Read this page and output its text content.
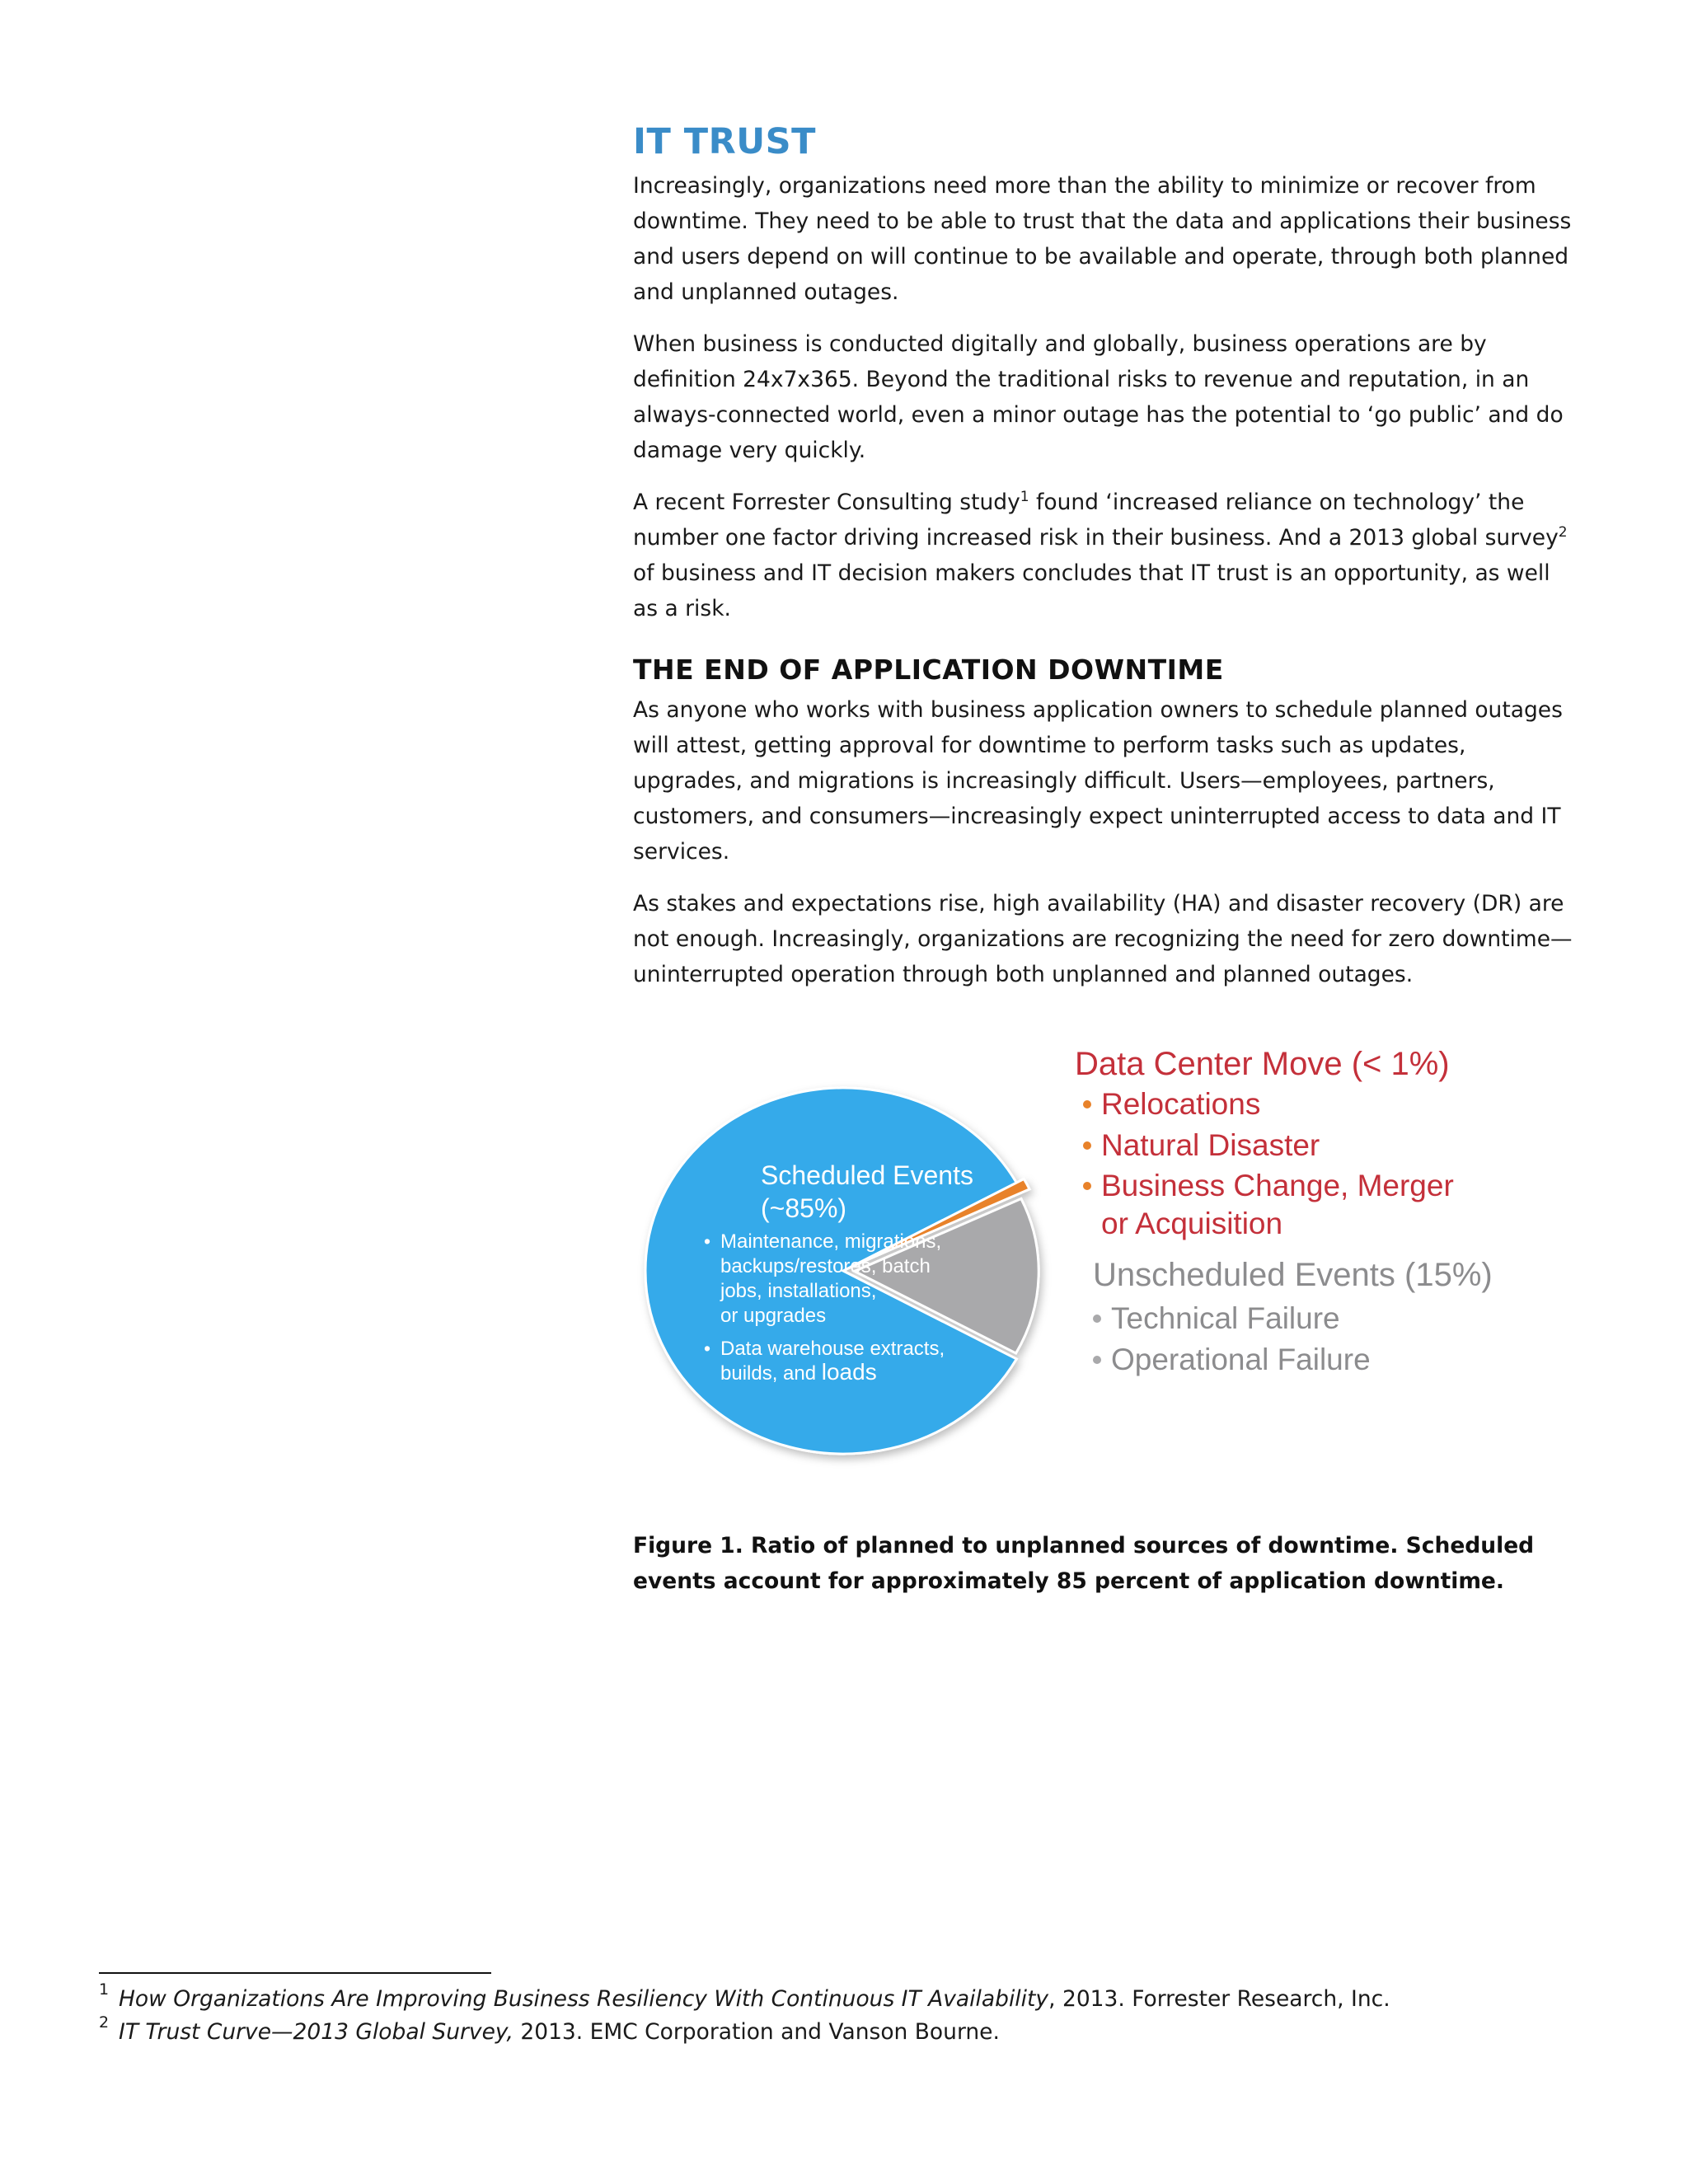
IT TRUST

Increasingly, organizations need more than the ability to minimize or recover from downtime. They need to be able to trust that the data and applications their business and users depend on will continue to be available and operate, through both planned and unplanned outages.

When business is conducted digitally and globally, business operations are by definition 24x7x365. Beyond the traditional risks to revenue and reputation, in an always-connected world, even a minor outage has the potential to ‘go public’ and do damage very quickly.

A recent Forrester Consulting study$^1$ found ‘increased reliance on technology’ the number one factor driving increased risk in their business. And a 2013 global survey$^2$ of business and IT decision makers concludes that IT trust is an opportunity, as well as a risk.

THE END OF APPLICATION DOWNTIME

As anyone who works with business application owners to schedule planned outages will attest, getting approval for downtime to perform tasks such as updates, upgrades, and migrations is increasingly difficult. Users—employees, partners, customers, and consumers—increasingly expect uninterrupted access to data and IT services.

As stakes and expectations rise, high availability (HA) and disaster recovery (DR) are not enough. Increasingly, organizations are recognizing the need for zero downtime—uninterrupted operation through both unplanned and planned outages.

Scheduled Events
(~85%)
• Maintenance, migrations,
backups/restores, batch
jobs, installations,
or upgrades
• Data warehouse extracts,
builds, and loads
Data Center Move (< 1%)
Relocations
Natural Disaster
Business Change, Merger
or Acquisition
Unscheduled Events (15%)
Technical Failure
Operational Failure
Figure 1. Ratio of planned to unplanned sources of downtime. Scheduled events account for approximately 85 percent of application downtime.
1 How Organizations Are Improving Business Resiliency With Continuous IT Availability, 2013. Forrester Research, Inc.
2 IT Trust Curve—2013 Global Survey, 2013. EMC Corporation and Vanson Bourne.
